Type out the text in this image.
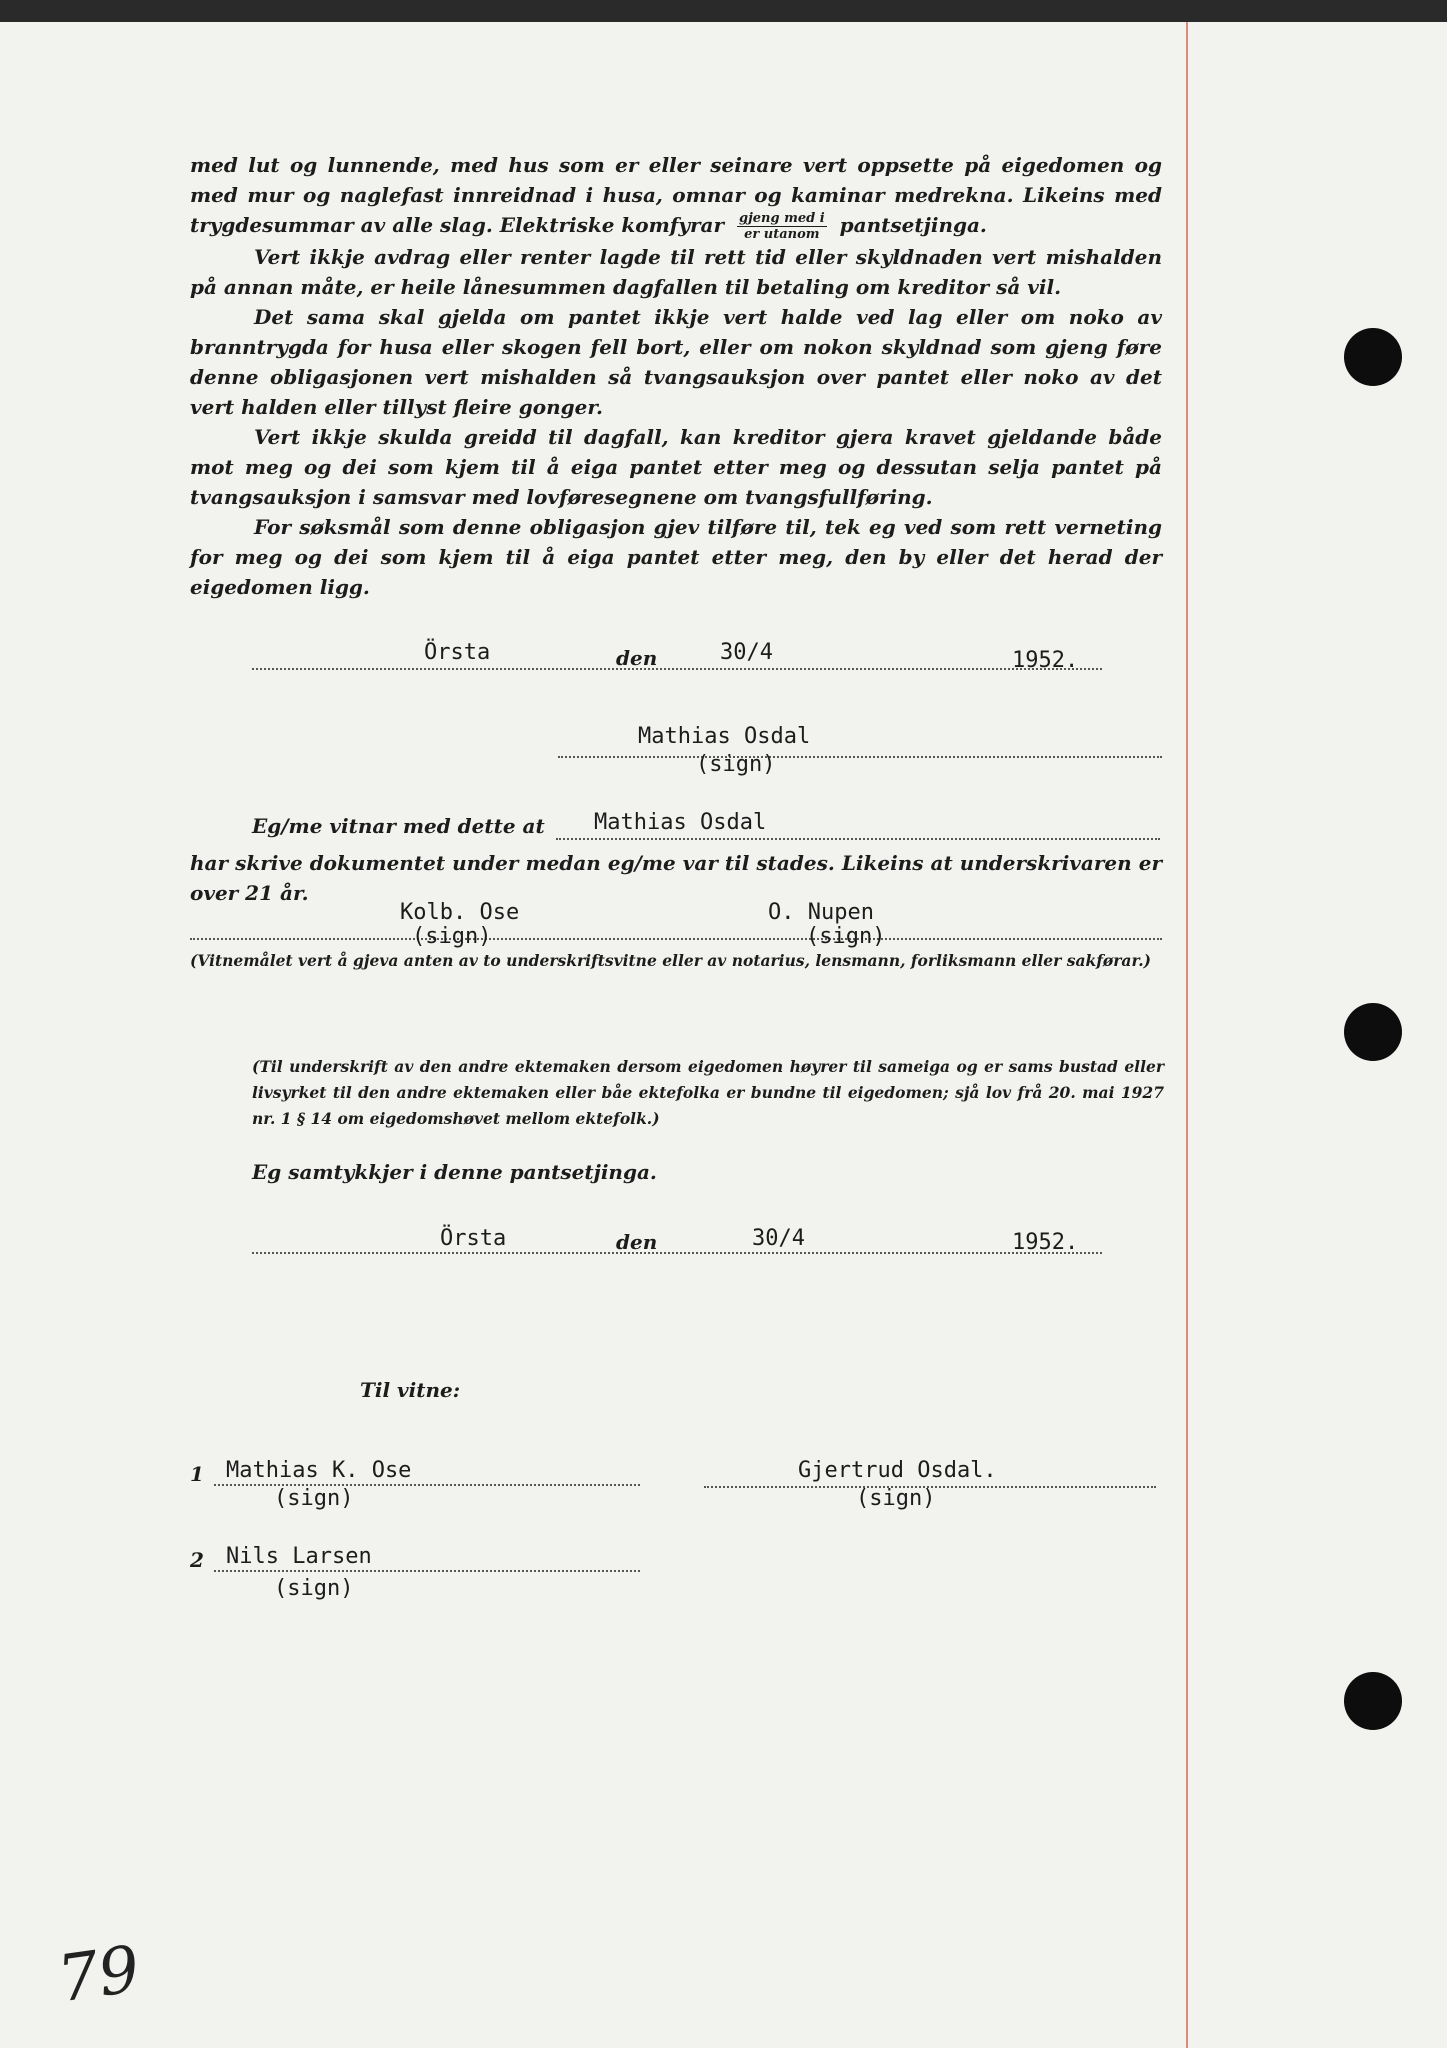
med lut og lunnende, med hus som er eller seinare vert oppsette på eigedomen og med mur og naglefast innreidnad i husa, omnar og kaminar medrekna. Likeins med trygdesummar av alle slag. Elektriske komfyrar $\frac{\text{gjeng med i}}{\text{er utanom}}$ pantsetjinga.

Vert ikkje avdrag eller renter lagde til rett tid eller skyldnaden vert mishalden på annan måte, er heile lånesummen dagfallen til betaling om kreditor så vil.

Det sama skal gjelda om pantet ikkje vert halde ved lag eller om noko av branntrygda for husa eller skogen fell bort, eller om nokon skyldnad som gjeng føre denne obligasjonen vert mishalden så tvangsauksjon over pantet eller noko av det vert halden eller tillyst fleire gonger.

Vert ikkje skulda greidd til dagfall, kan kreditor gjera kravet gjeldande både mot meg og dei som kjem til å eiga pantet etter meg og dessutan selja pantet på tvangsauksjon i samsvar med lovføresegnene om tvangsfullføring.

For søksmål som denne obligasjon gjev tilføre til, tek eg ved som rett verneting for meg og dei som kjem til å eiga pantet etter meg, den by eller det herad der eigedomen ligg.

Örsta	den	30/4	1952.
Mathias Osdal
(sign)
Eg/me vitnar med dette at Mathias Osdal
har skrive dokumentet under medan eg/me var til stades. Likeins at underskrivaren er over 21 år.
Kolb. Ose
(sign)
O. Nupen
(sign)
(Vitnemålet vert å gjeva anten av to underskriftsvitne eller av notarius, lensmann, forliksmann eller sakførar.)
(Til underskrift av den andre ektemaken dersom eigedomen høyrer til sameiga og er sams bustad eller livsyrket til den andre ektemaken eller båe ektefolka er bundne til eigedomen; sjå lov frå 20. mai 1927 nr. 1 § 14 om eigedomshøvet mellom ektefolk.)
Eg samtykkjer i denne pantsetjinga.
Örsta	den	30/4	1952.
Til vitne:
1 Mathias K. Ose
(sign)
2 Nils Larsen
(sign)
Gjertrud Osdal.
(sign)
79
